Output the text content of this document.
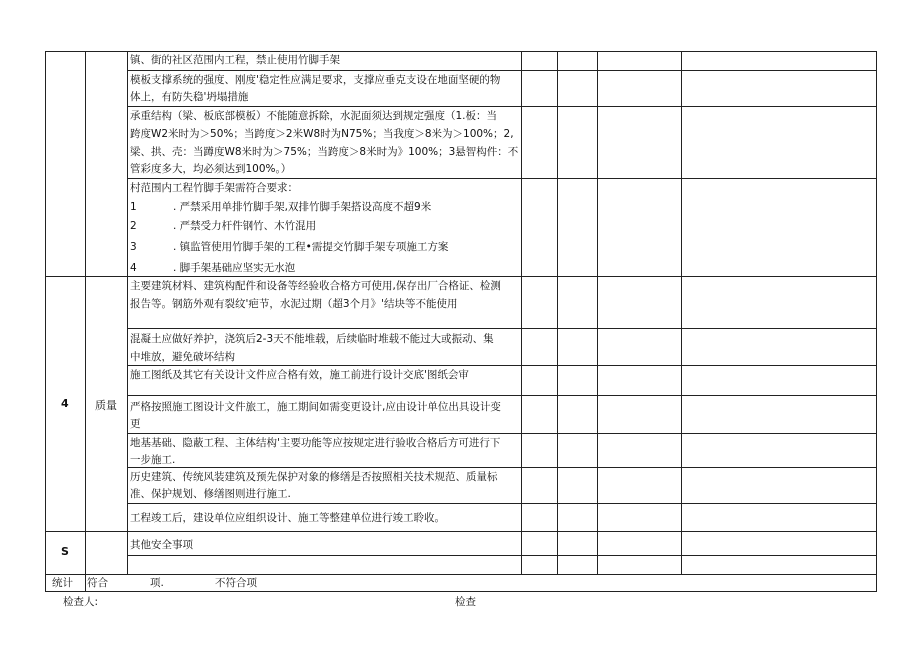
镇、街的社区范围内工程，禁止使用竹脚手架
模板支撑系统的强度、刚度'稳定性应满足要求，支撑应垂克支设在地面坚硬的物
体上，有防失稳'坍塌措施
承重结构（梁、板底部模板）不能随意拆除，水泥面须达到规定强度（1.板：当
跨度W2米时为＞50%；当跨度＞2米W8时为N75%；当我度＞8米为＞100%；2,
梁、拱、壳：当蹲度W8米时为＞75%；当跨度＞8米时为》100%；3悬智构件：不
管彩度多大，均必须达到100%。）
村范围内工程竹脚手架需符合要求：
1	. 严禁采用单排竹脚手架,双排竹脚手架搭设高度不超9米
2	. 严禁受力杆件钢竹、木竹混用
3	. 镇监管使用竹脚手架的工程•需提交竹脚手架专项施工方案
4	. 脚手架基础应坚实无水泡
4 质量
主要建筑材料、建筑构配件和设备等经验收合格方可使用,保存出厂合格证、检测
报告等。钢筋外观有裂纹'疤节，水泥过期（超3个月》'结块等不能使用
混凝土应做好养护，浇筑后2-3天不能堆载，后续临时堆载不能过大或振动、集
中堆放，避免破坏结构
施工图纸及其它有关设计文件应合格有效，施工前进行设计交底'图纸会审
严格按照施工图设计文件旅工，施工期间如需变更设计,应由设计单位出具设计变
更
地基基础、隐蔽工程、主体结构'主要功能等应按规定进行验收合格后方可进行下
一步施工.
历史建筑、传统风装建筑及预先保护对象的修缮是否按照相关技术规范、质量标
准、保护规划、修缮图则进行施工.
工程竣工后，建设单位应组织设计、施工等整建单位进行竣工聆收。
S	其他安全事项
统计 符合	项.	不符合项
检查人:	检查
